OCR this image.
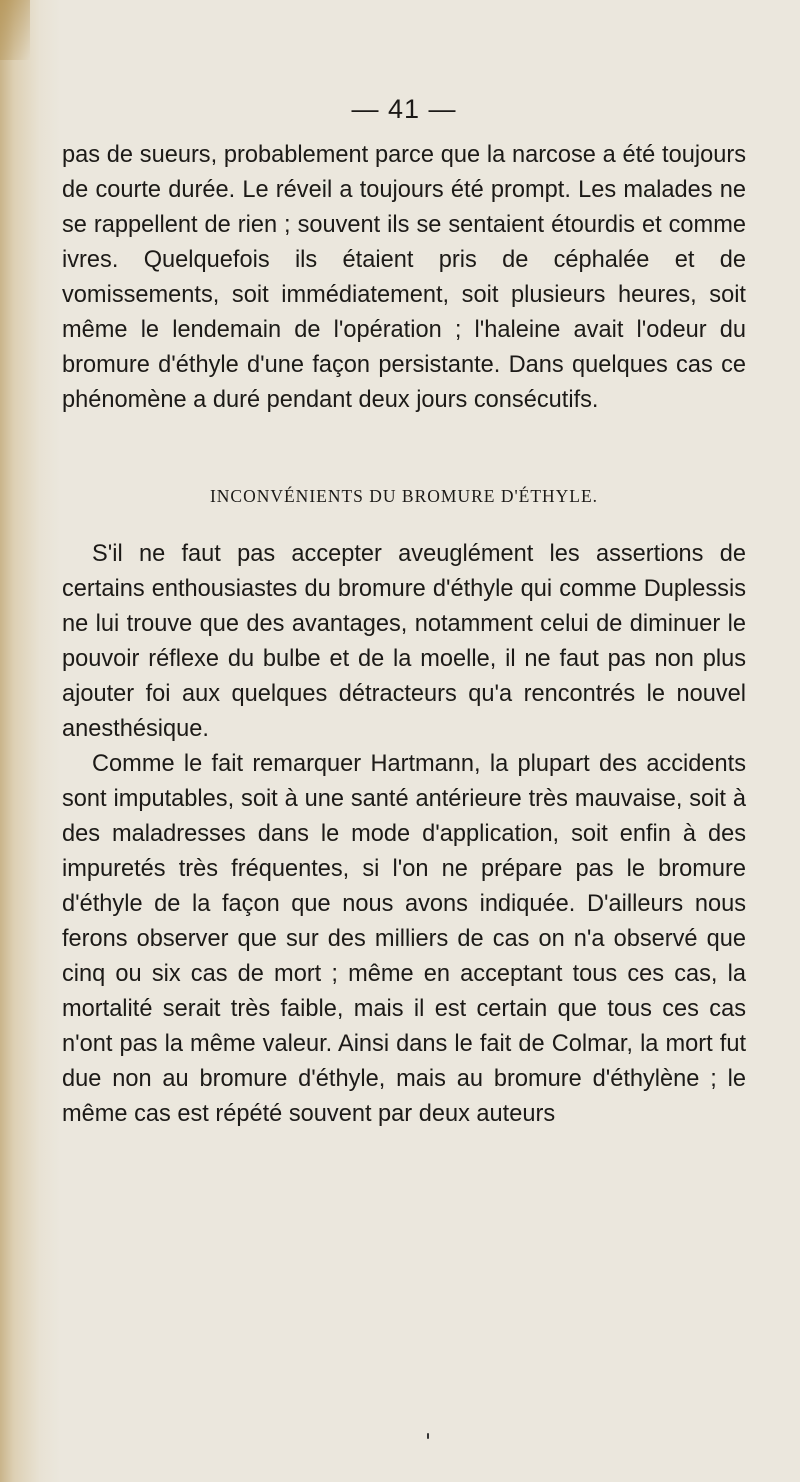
— 41 —

pas de sueurs, probablement parce que la narcose a été toujours de courte durée. Le réveil a toujours été prompt. Les malades ne se rappellent de rien ; souvent ils se sentaient étourdis et comme ivres. Quelquefois ils étaient pris de céphalée et de vomissements, soit immédiatement, soit plusieurs heures, soit même le lendemain de l'opération ; l'haleine avait l'odeur du bromure d'éthyle d'une façon persistante. Dans quelques cas ce phénomène a duré pendant deux jours consécutifs.

INCONVÉNIENTS DU BROMURE D'ÉTHYLE.

S'il ne faut pas accepter aveuglément les assertions de certains enthousiastes du bromure d'éthyle qui comme Duplessis ne lui trouve que des avantages, notamment celui de diminuer le pouvoir réflexe du bulbe et de la moelle, il ne faut pas non plus ajouter foi aux quelques détracteurs qu'a rencontrés le nouvel anesthésique.

Comme le fait remarquer Hartmann, la plupart des accidents sont imputables, soit à une santé antérieure très mauvaise, soit à des maladresses dans le mode d'application, soit enfin à des impuretés très fréquentes, si l'on ne prépare pas le bromure d'éthyle de la façon que nous avons indiquée. D'ailleurs nous ferons observer que sur des milliers de cas on n'a observé que cinq ou six cas de mort ; même en acceptant tous ces cas, la mortalité serait très faible, mais il est certain que tous ces cas n'ont pas la même valeur. Ainsi dans le fait de Colmar, la mort fut due non au bromure d'éthyle, mais au bromure d'éthylène ; le même cas est répété souvent par deux auteurs
